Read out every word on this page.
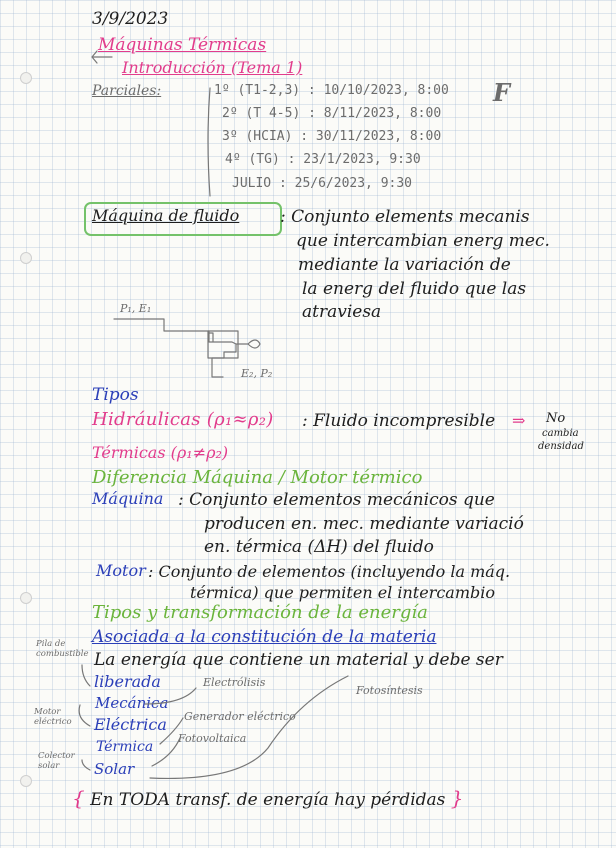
3/9/2023
Máquinas Térmicas
Introducción (Tema 1)
Parciales:	1º (T1-2,3) : 10/10/2023, 8:00
2º (T 4-5) : 8/11/2023, 8:00
3º (HCIA) : 30/11/2023, 8:00
4º (TG) : 23/1/2023, 9:30
JULIO : 25/6/2023, 9:30
F
Máquina de fluido : Conjunto elements mecanis
que intercambian energ mec.
mediante la variación de
la energ del fluido que las
atraviesa
P₁, E₁
E₂, P₂
Tipos
Hidráulicas (ρ₁≈ρ₂) : Fluido incompresible ⇒ No
cambia
densidad
Térmicas (ρ₁≠ρ₂)
Diferencia Máquina / Motor térmico
Máquina : Conjunto elementos mecánicos que
producen en. mec. mediante variació
en. térmica (ΔH) del fluido
Motor : Conjunto de elementos (incluyendo la máq.
térmica) que permiten el intercambio
Tipos y transformación de la energía
Asociada a la constitución de la materia
La energía que contiene un material y debe ser
liberada
Mecánica
Eléctrica
Térmica
Solar
Electrólisis
Fotosíntesis
Generador eléctrico
Fotovoltaica
Pila de combustible
Motor eléctrico
Colector solar
{ En TODA transf. de energía hay pérdidas }
